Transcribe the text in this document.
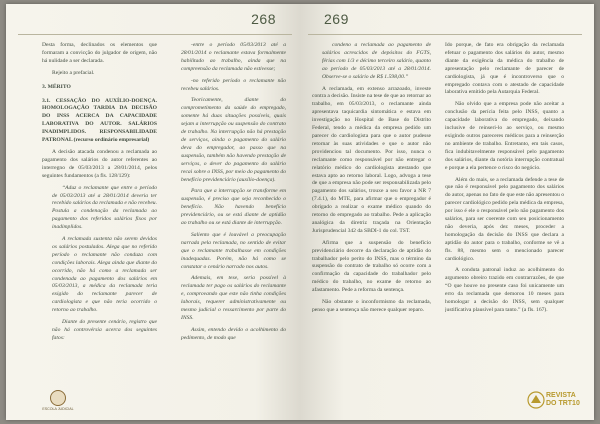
268

Desta forma, declinados os elementos que formaram a convicção do julgador de origem, não há nulidade a ser declarada.

Rejeito a prefacial.

3. MÉRITO

3.1. CESSAÇÃO DO AUXÍLIO-DOENÇA. HOMOLOGAÇÃO TARDIA DA DECISÃO DO INSS ACERCA DA CAPACIDADE LABORATIVA DO AUTOR. SALÁRIOS INADIMPLIDOS. RESPONSABILIDADE PATRONAL (recurso ordinário empresarial)

A decisão atacada condenou a reclamada ao pagamento dos salários do autor referentes ao interregno de 05/03/2013 a 28/01/2014, pelos seguintes fundamentos (a fls. 128/129):

“Aduz o reclamante que entre o período de 05/03/2013 até a 28/01/2014 deveria ter recebido salários da reclamada e não recebeu. Postula a condenação da reclamada ao pagamento dos referidos salários fixos por inadimplidos.

A reclamada sustenta não serem devidos os salários postulados. Alega que no referido período o reclamante não conduza com condições laborais. Alega ainda que diante do ocorrido, não há como a reclamada ser condenada ao pagamento dos salários em 05/03/2013, a médica da reclamada teria exigido do reclamante parecer de cardiologista e que não teria ocorrido o retorno ao trabalho.

Diante do presente cenário, registro que não há controvérsia acerca dos seguintes fatos:

-entre o período 05/03/2013 até a 28/01/2014 o reclamante estava formalmente habilitado ao trabalho, ainda que na compreensão da reclamada não estivesse;

-no referido período o reclamante não recebeu salários.

Teoricamente, diante do comprometimento da saúde do empregado, somente há duas situações possíveis, quais sejam a interrupção ou suspensão do contrato de trabalho. Na interrupção não há prestação de serviços, ainda o pagamento do salário deva do empregador, ao passo que na suspensão, também não havendo prestação de serviços, o dever do pagamento do salário recai sobre o INSS, por meio do pagamento do benefício previdenciário (auxílio-doença).

Para que a interrupção se transforme em suspensão, é preciso que seja reconhecido o benefício. Não havendo benefício previdenciário, ou se está diante de aptidão ao trabalho ou se está diante de interrupção.

Saliento que é louvável a preocupação narrada pela reclamada, no sentido de evitar que o reclamante trabalhasse em condições inadequadas. Porém, não há como se constatar o cenário narrado nos autos.

Ademais, em tese, seria possível à reclamada ter pago os salários do reclamante e, comprovando que este não tinha condições laborais, requerer administrativamente ou mesmo judicial o ressarcimento por parte do INSS.

Assim, entendo devido o acolhimento do pedimento, de modo que

ESCOLA JUDICIAL
269

condeno a reclamada ao pagamento de salários acrescidos de depósitos do FGTS, férias com 1/3 e décimo terceiro salário, quanto ao período de 05/03/2013 até a 28/01/2014. Observe-se o salário de R$ 1.598,00.”

A reclamada, em extenso arrazoado, investe contra a decisão. Insiste na tese de que ao retornar ao trabalho, em 05/03/2013, o reclamante ainda apresentava taquicardia sintomática e estava em investigação no Hospital de Base do Distrito Federal, tendo a médica da empresa pedido um parecer do cardiologista para que o autor pudesse retornar às suas atividades e que o autor não providenciou tal documento. Por isso, nunca o reclamante como responsável por não entregar o relatório médico do cardiologista atestando que estava apto ao retorno laboral. Logo, advoga a tese de que a empresa não pode ser responsabilizada pelo pagamento dos salários, trouxe a seu favor a NR 7 (7.4.1), do MTE, para afirmar que o empregador é obrigado a realizar o exame médico quando do retorno do empregado ao trabalho. Pede a aplicação analógica da diretriz traçada na Orientação Jurisprudencial 342 da SBDI-1 do col. TST.

Afirma que a suspensão do benefício previdenciário decorre da declaração de aptidão do trabalhador pelo perito do INSS, mas o término da suspensão do contrato de trabalho só ocorre com a confirmação da capacidade do trabalhador pelo médico do trabalho, no exame de retorno ao afastamento. Pede a reforma da sentença.

Não obstante o inconformismo da reclamada, penso que a sentença não merece qualquer reparo.

Ido porque, de fato era obrigação da reclamada efetuar o pagamento dos salários do autor, mesmo diante da exigência da médica do trabalho de apresentação pelo reclamante de parecer de cardiologista, já que é incontroverso que o empregado contava com o atestado de capacidade laborativa emitido pela Autarquia Federal.

Não olvido que a empresa pode não aceitar a conclusão da perícia feita pelo INSS, quanto a capacidade laborativa do empregado, deixando inclusive de reinseri-lo ao serviço, ou mesmo exigindo outros pareceres médicos para a reinserção no ambiente de trabalho. Entretanto, em tais casos, fica indubitavelmente responsável pelo pagamento dos salários, diante da notória interrupção contratual e porque a ela pertence o risco do negócio.

Além do mais, se a reclamada defende a tese de que não é responsável pelo pagamento dos salários do autor, apenas no fato de que este não apresentou o parecer cardiológico pedido pela médica da empresa, por isso é ele o responsável pelo não pagamento dos salários, para ser coerente com seu posicionamento não deveria, após dez meses, proceder a homologação da decisão do INSS que declara a aptidão do autor para o trabalho, conforme se vê a fls. 88, mesmo sem o mencionado parecer cardiológico.

A conduta patronal induz ao acolhimento do argumento obreiro trazido em contrarrazões, de que “O que houve no presente caso foi unicamente um erro da reclamada que demorou 10 meses para homologar a decisão do INSS, sem qualquer justificativa plausível para tanto.” (a fls. 167).

REVISTA
DO TRT10
